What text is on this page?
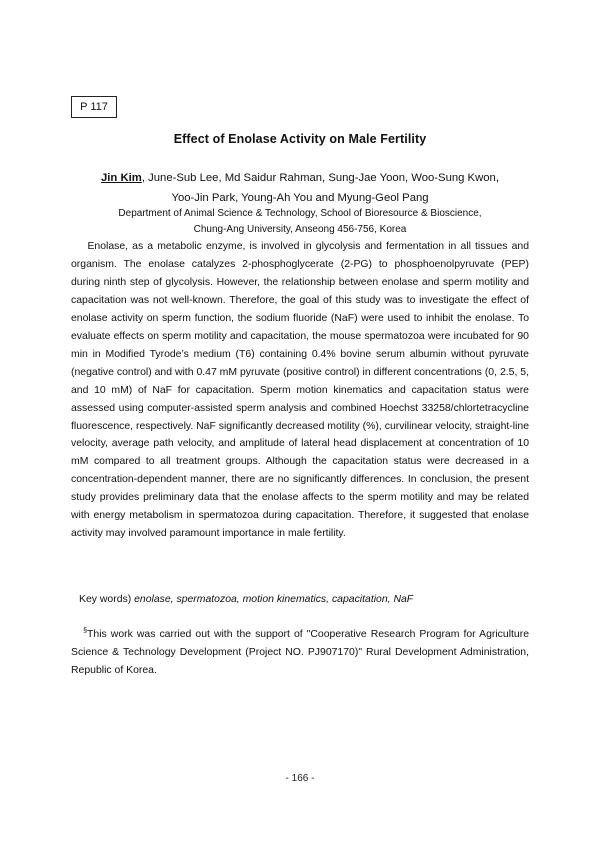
P 117
Effect of Enolase Activity on Male Fertility
Jin Kim, June-Sub Lee, Md Saidur Rahman, Sung-Jae Yoon, Woo-Sung Kwon,
Yoo-Jin Park, Young-Ah You and Myung-Geol Pang
Department of Animal Science & Technology, School of Bioresource & Bioscience,
Chung-Ang University, Anseong 456-756, Korea

Enolase, as a metabolic enzyme, is involved in glycolysis and fermentation in all tissues and organism. The enolase catalyzes 2-phosphoglycerate (2-PG) to phosphoenolpyruvate (PEP) during ninth step of glycolysis. However, the relationship between enolase and sperm motility and capacitation was not well-known. Therefore, the goal of this study was to investigate the effect of enolase activity on sperm function, the sodium fluoride (NaF) were used to inhibit the enolase. To evaluate effects on sperm motility and capacitation, the mouse spermatozoa were incubated for 90 min in Modified Tyrode’s medium (T6) containing 0.4% bovine serum albumin without pyruvate (negative control) and with 0.47 mM pyruvate (positive control) in different concentrations (0, 2.5, 5, and 10 mM) of NaF for capacitation. Sperm motion kinematics and capacitation status were assessed using computer-assisted sperm analysis and combined Hoechst 33258/chlortetracycline fluorescence, respectively. NaF significantly decreased motility (%), curvilinear velocity, straight-line velocity, average path velocity, and amplitude of lateral head displacement at concentration of 10 mM compared to all treatment groups. Although the capacitation status were decreased in a concentration-dependent manner, there are no significantly differences. In conclusion, the present study provides preliminary data that the enolase affects to the sperm motility and may be related with energy metabolism in spermatozoa during capacitation. Therefore, it suggested that enolase activity may involved paramount importance in male fertility.

Key words) enolase, spermatozoa, motion kinematics, capacitation, NaF
§This work was carried out with the support of "Cooperative Research Program for Agriculture Science & Technology Development (Project NO. PJ907170)" Rural Development Administration, Republic of Korea.
- 166 -
